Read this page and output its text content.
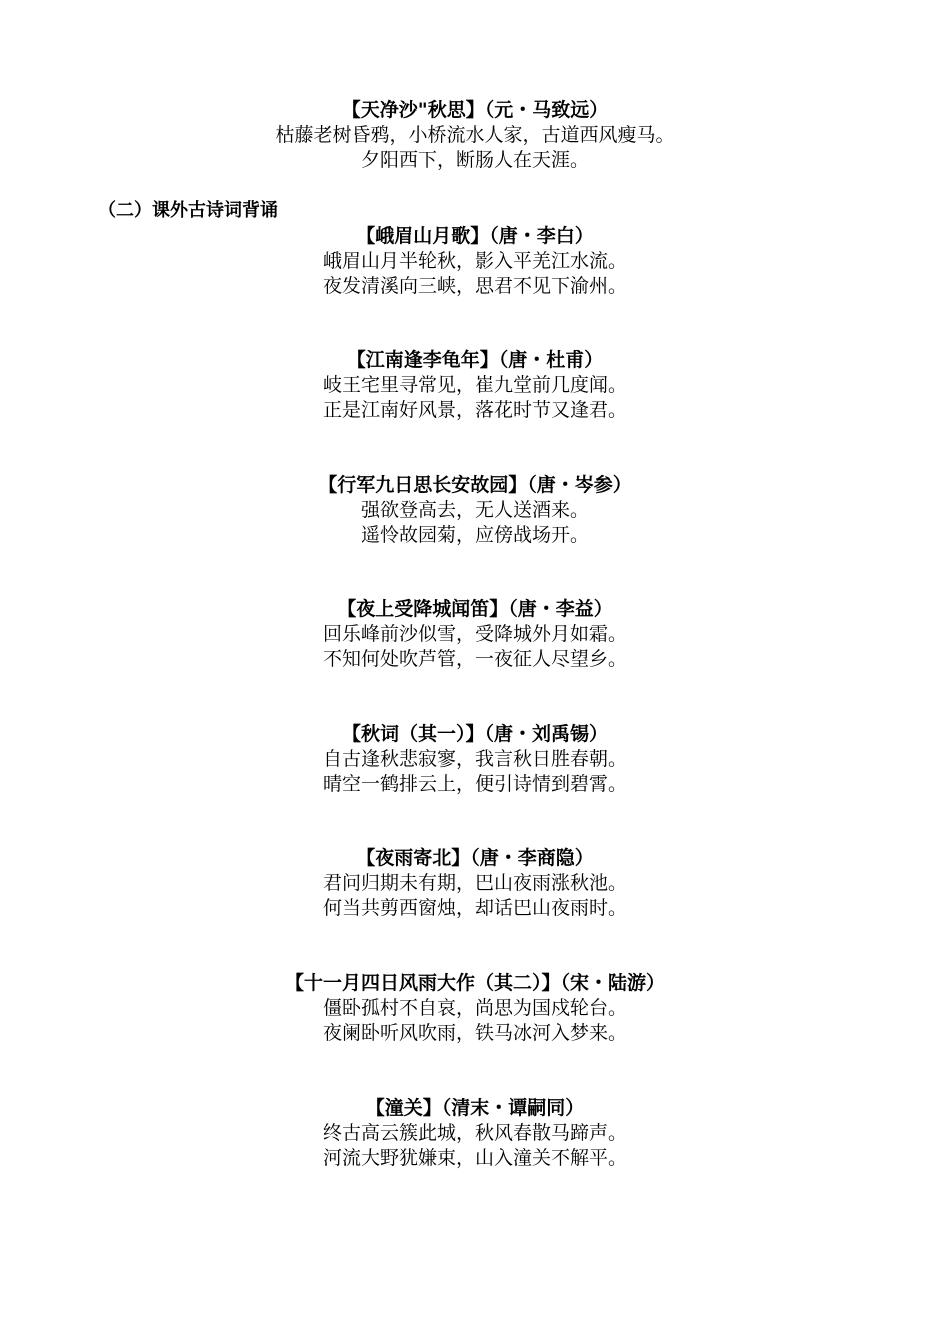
【天净沙"秋思】（元・马致远）
枯藤老树昏鸦，小桥流水人家，古道西风瘦马。
夕阳西下，断肠人在天涯。
（二）课外古诗词背诵
【峨眉山月歌】（唐・李白）
峨眉山月半轮秋，影入平羌江水流。
夜发清溪向三峡，思君不见下渝州。
【江南逢李龟年】（唐・杜甫）
岐王宅里寻常见，崔九堂前几度闻。
正是江南好风景，落花时节又逢君。
【行军九日思长安故园】（唐・岑参）
强欲登高去，无人送酒来。
遥怜故园菊，应傍战场开。
【夜上受降城闻笛】（唐・李益）
回乐峰前沙似雪，受降城外月如霜。
不知何处吹芦管，一夜征人尽望乡。
【秋词（其一）】（唐・刘禹锡）
自古逢秋悲寂寥，我言秋日胜春朝。
晴空一鹤排云上，便引诗情到碧霄。
【夜雨寄北】（唐・李商隐）
君问归期未有期，巴山夜雨涨秋池。
何当共剪西窗烛，却话巴山夜雨时。
【十一月四日风雨大作（其二）】（宋・陆游）
僵卧孤村不自哀，尚思为国戍轮台。
夜阑卧听风吹雨，铁马冰河入梦来。
【潼关】（清末・谭嗣同）
终古高云簇此城，秋风春散马蹄声。
河流大野犹嫌束，山入潼关不解平。
